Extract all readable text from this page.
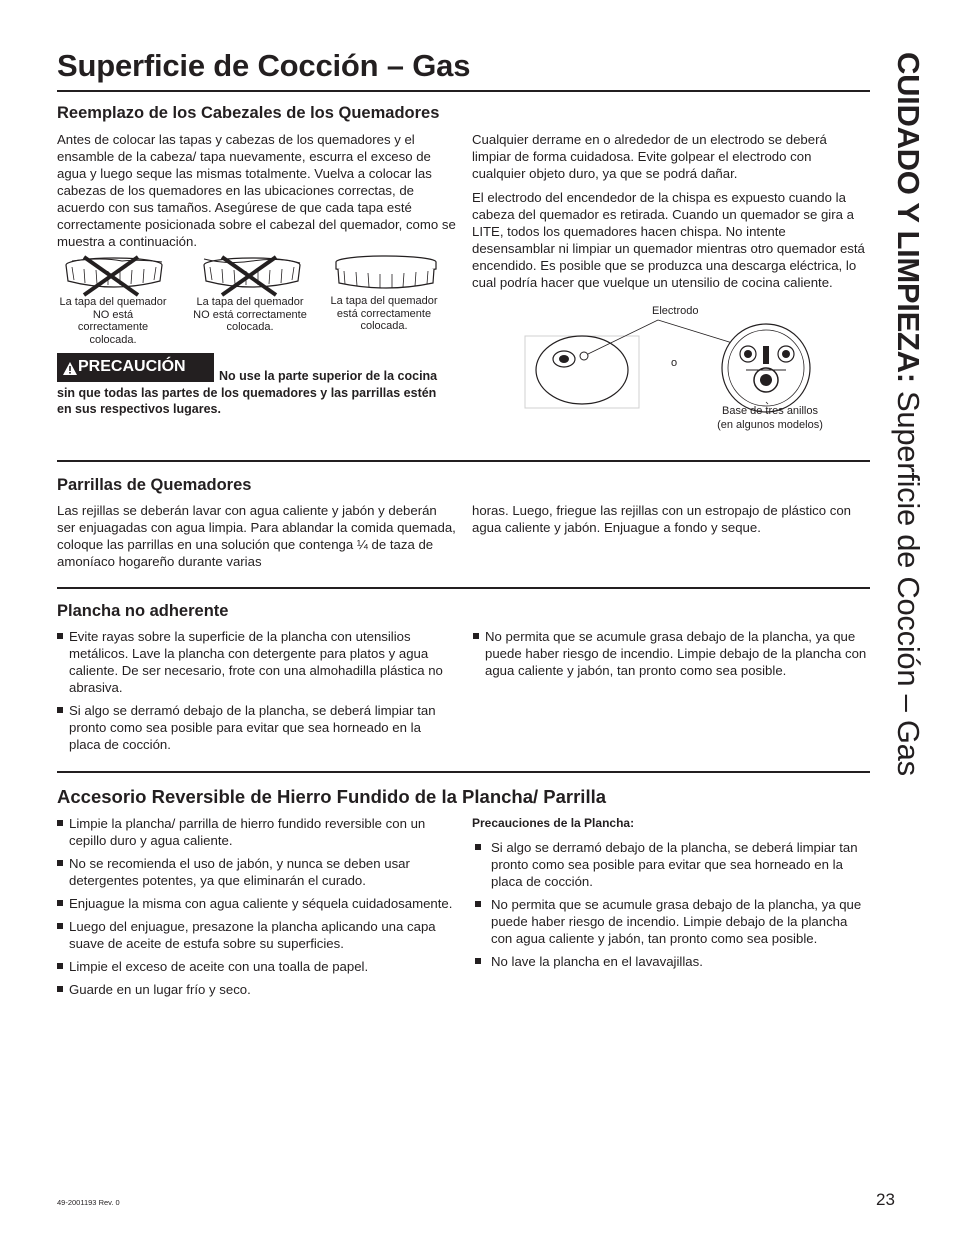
Superficie de Cocción – Gas	CUIDADO Y LIMPIEZA: Superficie de Cocción – Gas
Reemplazo de los Cabezales de los Quemadores

Antes de colocar las tapas y cabezas de los quemadores y el ensamble de la cabeza/ tapa nuevamente, escurra el exceso de agua y luego seque las mismas totalmente. Vuelva a colocar las cabezas de los quemadores en las ubicaciones correctas, de acuerdo con sus tamaños. Asegúrese de que cada tapa esté correctamente posicionada sobre el cabezal del quemador, como se muestra a continuación.

La tapa del quemador NO está correctamente colocada.
La tapa del quemador NO está correctamente colocada.
La tapa del quemador está correctamente colocada.
PRECAUCIÓN
No use la parte superior de la cocina sin que todas las partes de los quemadores y las parrillas estén en sus respectivos lugares.

Cualquier derrame en o alrededor de un electrodo se deberá limpiar de forma cuidadosa. Evite golpear el electrodo con cualquier objeto duro, ya que se podrá dañar.

El electrodo del encendedor de la chispa es expuesto cuando la cabeza del quemador es retirada. Cuando un quemador se gira a LITE, todos los quemadores hacen chispa. No intente desensamblar ni limpiar un quemador mientras otro quemador está encendido. Es posible que se produzca una descarga eléctrica, lo cual podría hacer que vuelque un utensilio de cocina caliente.

Electrodo
o
Base de tres anillos
(en algunos modelos)
Parrillas de Quemadores

Las rejillas se deberán lavar con agua caliente y jabón y deberán ser enjuagadas con agua limpia. Para ablandar la comida quemada, coloque las parrillas en una solución que contenga ¼ de taza de amoníaco hogareño durante varias

horas. Luego, friegue las rejillas con un estropajo de plástico con agua caliente y jabón. Enjuague a fondo y seque.

Plancha no adherente
Evite rayas sobre la superficie de la plancha con utensilios metálicos. Lave la plancha con detergente para platos y agua caliente. De ser necesario, frote con una almohadilla plástica no abrasiva.
Si algo se derramó debajo de la plancha, se deberá limpiar tan pronto como sea posible para evitar que sea horneado en la placa de cocción.
No permita que se acumule grasa debajo de la plancha, ya que puede haber riesgo de incendio. Limpie debajo de la plancha con agua caliente y jabón, tan pronto como sea posible.
Accesorio Reversible de Hierro Fundido de la Plancha/ Parrilla
Limpie la plancha/ parrilla de hierro fundido reversible con un cepillo duro y agua caliente.
No se recomienda el uso de jabón, y nunca se deben usar detergentes potentes, ya que eliminarán el curado.
Enjuague la misma con agua caliente y séquela cuidadosamente.
Luego del enjuague, presazone la plancha aplicando una capa suave de aceite de estufa sobre su superficies.
Limpie el exceso de aceite con una toalla de papel.
Guarde en un lugar frío y seco.
Precauciones de la Plancha:
Si algo se derramó debajo de la plancha, se deberá limpiar tan pronto como sea posible para evitar que sea horneado en la placa de cocción.
No permita que se acumule grasa debajo de la plancha, ya que puede haber riesgo de incendio. Limpie debajo de la plancha con agua caliente y jabón, tan pronto como sea posible.
No lave la plancha en el lavavajillas.
49-2001193 Rev. 0	23
